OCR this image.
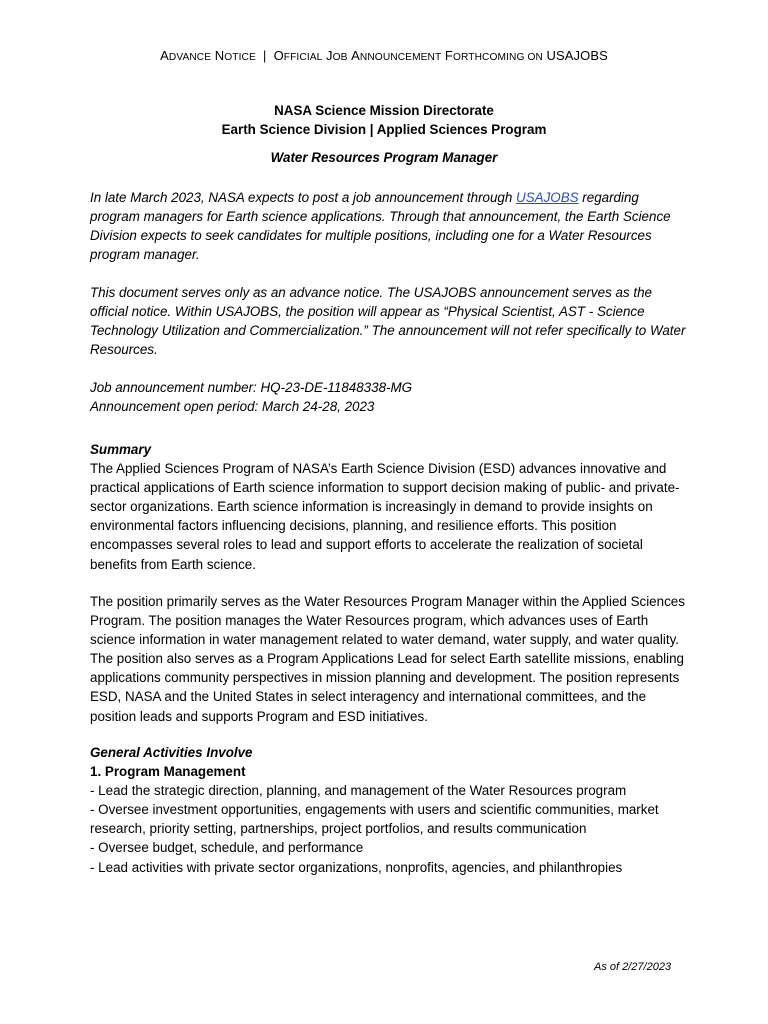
ADVANCE NOTICE | OFFICIAL JOB ANNOUNCEMENT FORTHCOMING ON USAJOBS
NASA Science Mission Directorate
Earth Science Division | Applied Sciences Program
Water Resources Program Manager

In late March 2023, NASA expects to post a job announcement through USAJOBS regarding program managers for Earth science applications. Through that announcement, the Earth Science Division expects to seek candidates for multiple positions, including one for a Water Resources program manager.

This document serves only as an advance notice. The USAJOBS announcement serves as the official notice. Within USAJOBS, the position will appear as “Physical Scientist, AST - Science Technology Utilization and Commercialization.” The announcement will not refer specifically to Water Resources.

Job announcement number: HQ-23-DE-11848338-MG
Announcement open period: March 24-28, 2023

Summary

The Applied Sciences Program of NASA’s Earth Science Division (ESD) advances innovative and practical applications of Earth science information to support decision making of public- and private-sector organizations. Earth science information is increasingly in demand to provide insights on environmental factors influencing decisions, planning, and resilience efforts. This position encompasses several roles to lead and support efforts to accelerate the realization of societal benefits from Earth science.

The position primarily serves as the Water Resources Program Manager within the Applied Sciences Program. The position manages the Water Resources program, which advances uses of Earth science information in water management related to water demand, water supply, and water quality. The position also serves as a Program Applications Lead for select Earth satellite missions, enabling applications community perspectives in mission planning and development. The position represents ESD, NASA and the United States in select interagency and international committees, and the position leads and supports Program and ESD initiatives.

General Activities Involve

1. Program Management

- Lead the strategic direction, planning, and management of the Water Resources program
- Oversee investment opportunities, engagements with users and scientific communities, market research, priority setting, partnerships, project portfolios, and results communication
- Oversee budget, schedule, and performance
- Lead activities with private sector organizations, nonprofits, agencies, and philanthropies
As of 2/27/2023
